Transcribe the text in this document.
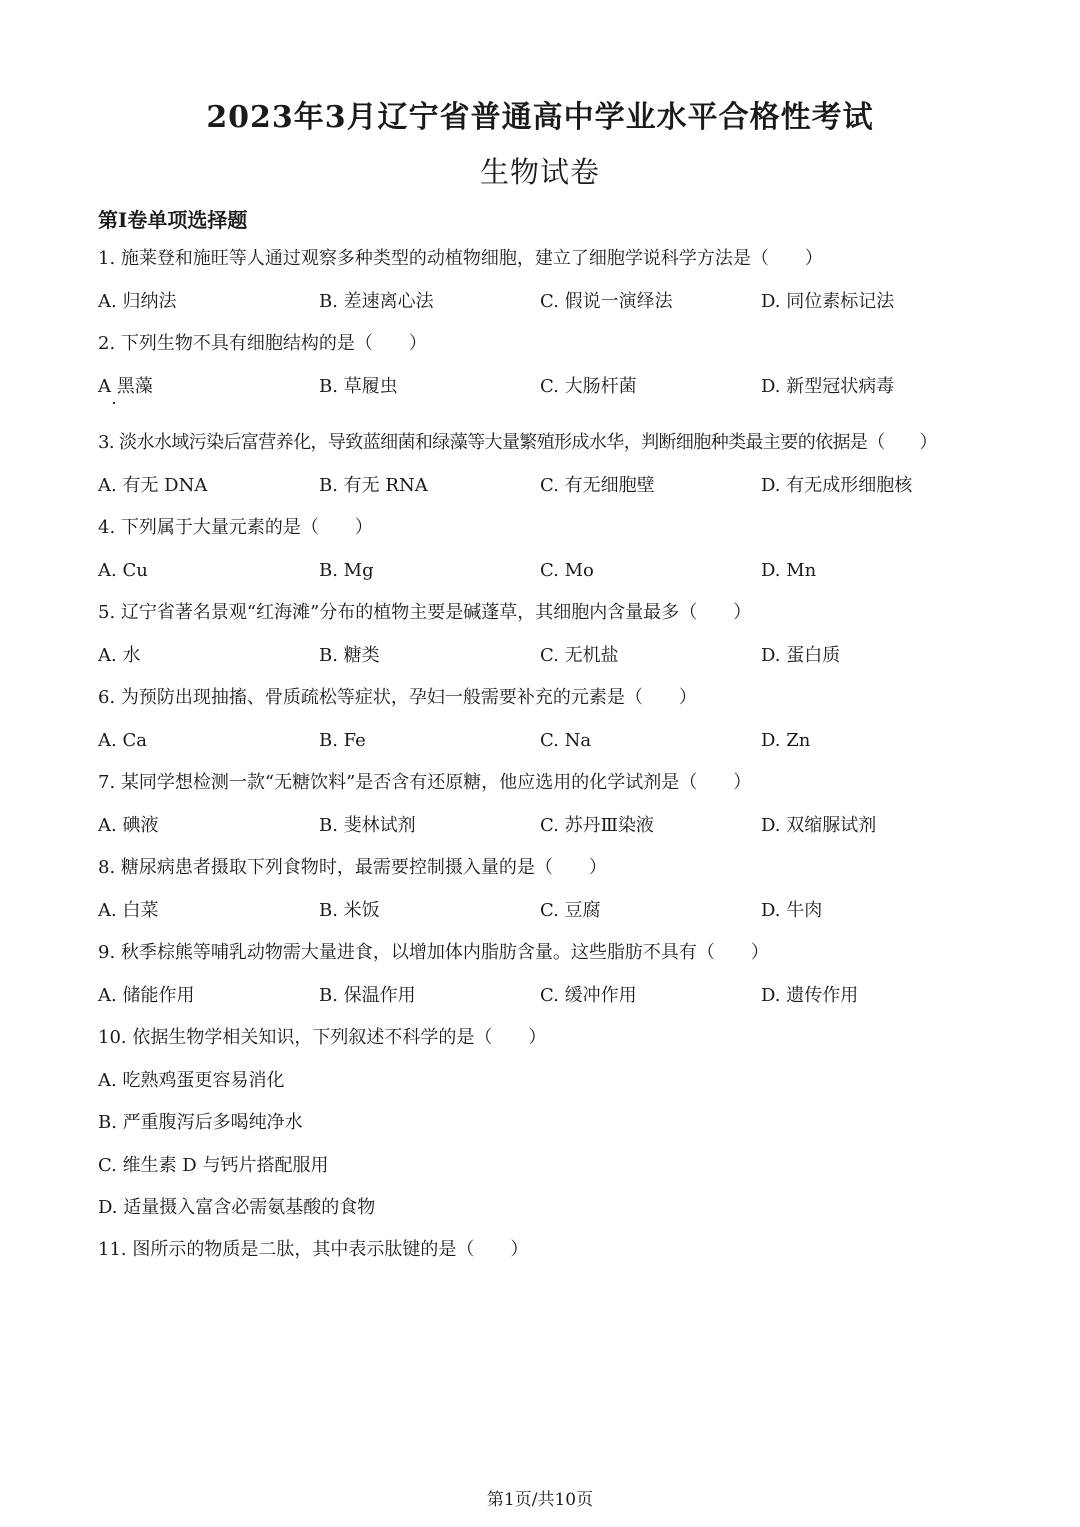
2023年3月辽宁省普通高中学业水平合格性考试
生物试卷
第Ⅰ卷单项选择题
1. 施莱登和施旺等人通过观察多种类型的动植物细胞，建立了细胞学说科学方法是（　　）
A. 归纳法	B. 差速离心法	C. 假说一演绎法	D. 同位素标记法
2. 下列生物不具有细胞结构的是（　　）
A 黑藻	B. 草履虫	C. 大肠杆菌	D. 新型冠状病毒
3. 淡水水域污染后富营养化，导致蓝细菌和绿藻等大量繁殖形成水华，判断细胞种类最主要的依据是（　　）
A. 有无 DNA	B. 有无 RNA	C. 有无细胞壁	D. 有无成形细胞核
4. 下列属于大量元素的是（　　）
A. Cu	B. Mg	C. Mo	D. Mn
5. 辽宁省著名景观“红海滩”分布的植物主要是碱蓬草，其细胞内含量最多（　　）
A. 水	B. 糖类	C. 无机盐	D. 蛋白质
6. 为预防出现抽搐、骨质疏松等症状，孕妇一般需要补充的元素是（　　）
A. Ca	B. Fe	C. Na	D. Zn
7. 某同学想检测一款“无糖饮料”是否含有还原糖，他应选用的化学试剂是（　　）
A. 碘液	B. 斐林试剂	C. 苏丹Ⅲ染液	D. 双缩脲试剂
8. 糖尿病患者摄取下列食物时，最需要控制摄入量的是（　　）
A. 白菜	B. 米饭	C. 豆腐	D. 牛肉
9. 秋季棕熊等哺乳动物需大量进食，以增加体内脂肪含量。这些脂肪不具有（　　）
A. 储能作用	B. 保温作用	C. 缓冲作用	D. 遗传作用
10. 依据生物学相关知识，下列叙述不科学的是（　　）
A. 吃熟鸡蛋更容易消化
B. 严重腹泻后多喝纯净水
C. 维生素 D 与钙片搭配服用
D. 适量摄入富含必需氨基酸的食物
11. 图所示的物质是二肽，其中表示肽键的是（　　）
第1页/共10页
